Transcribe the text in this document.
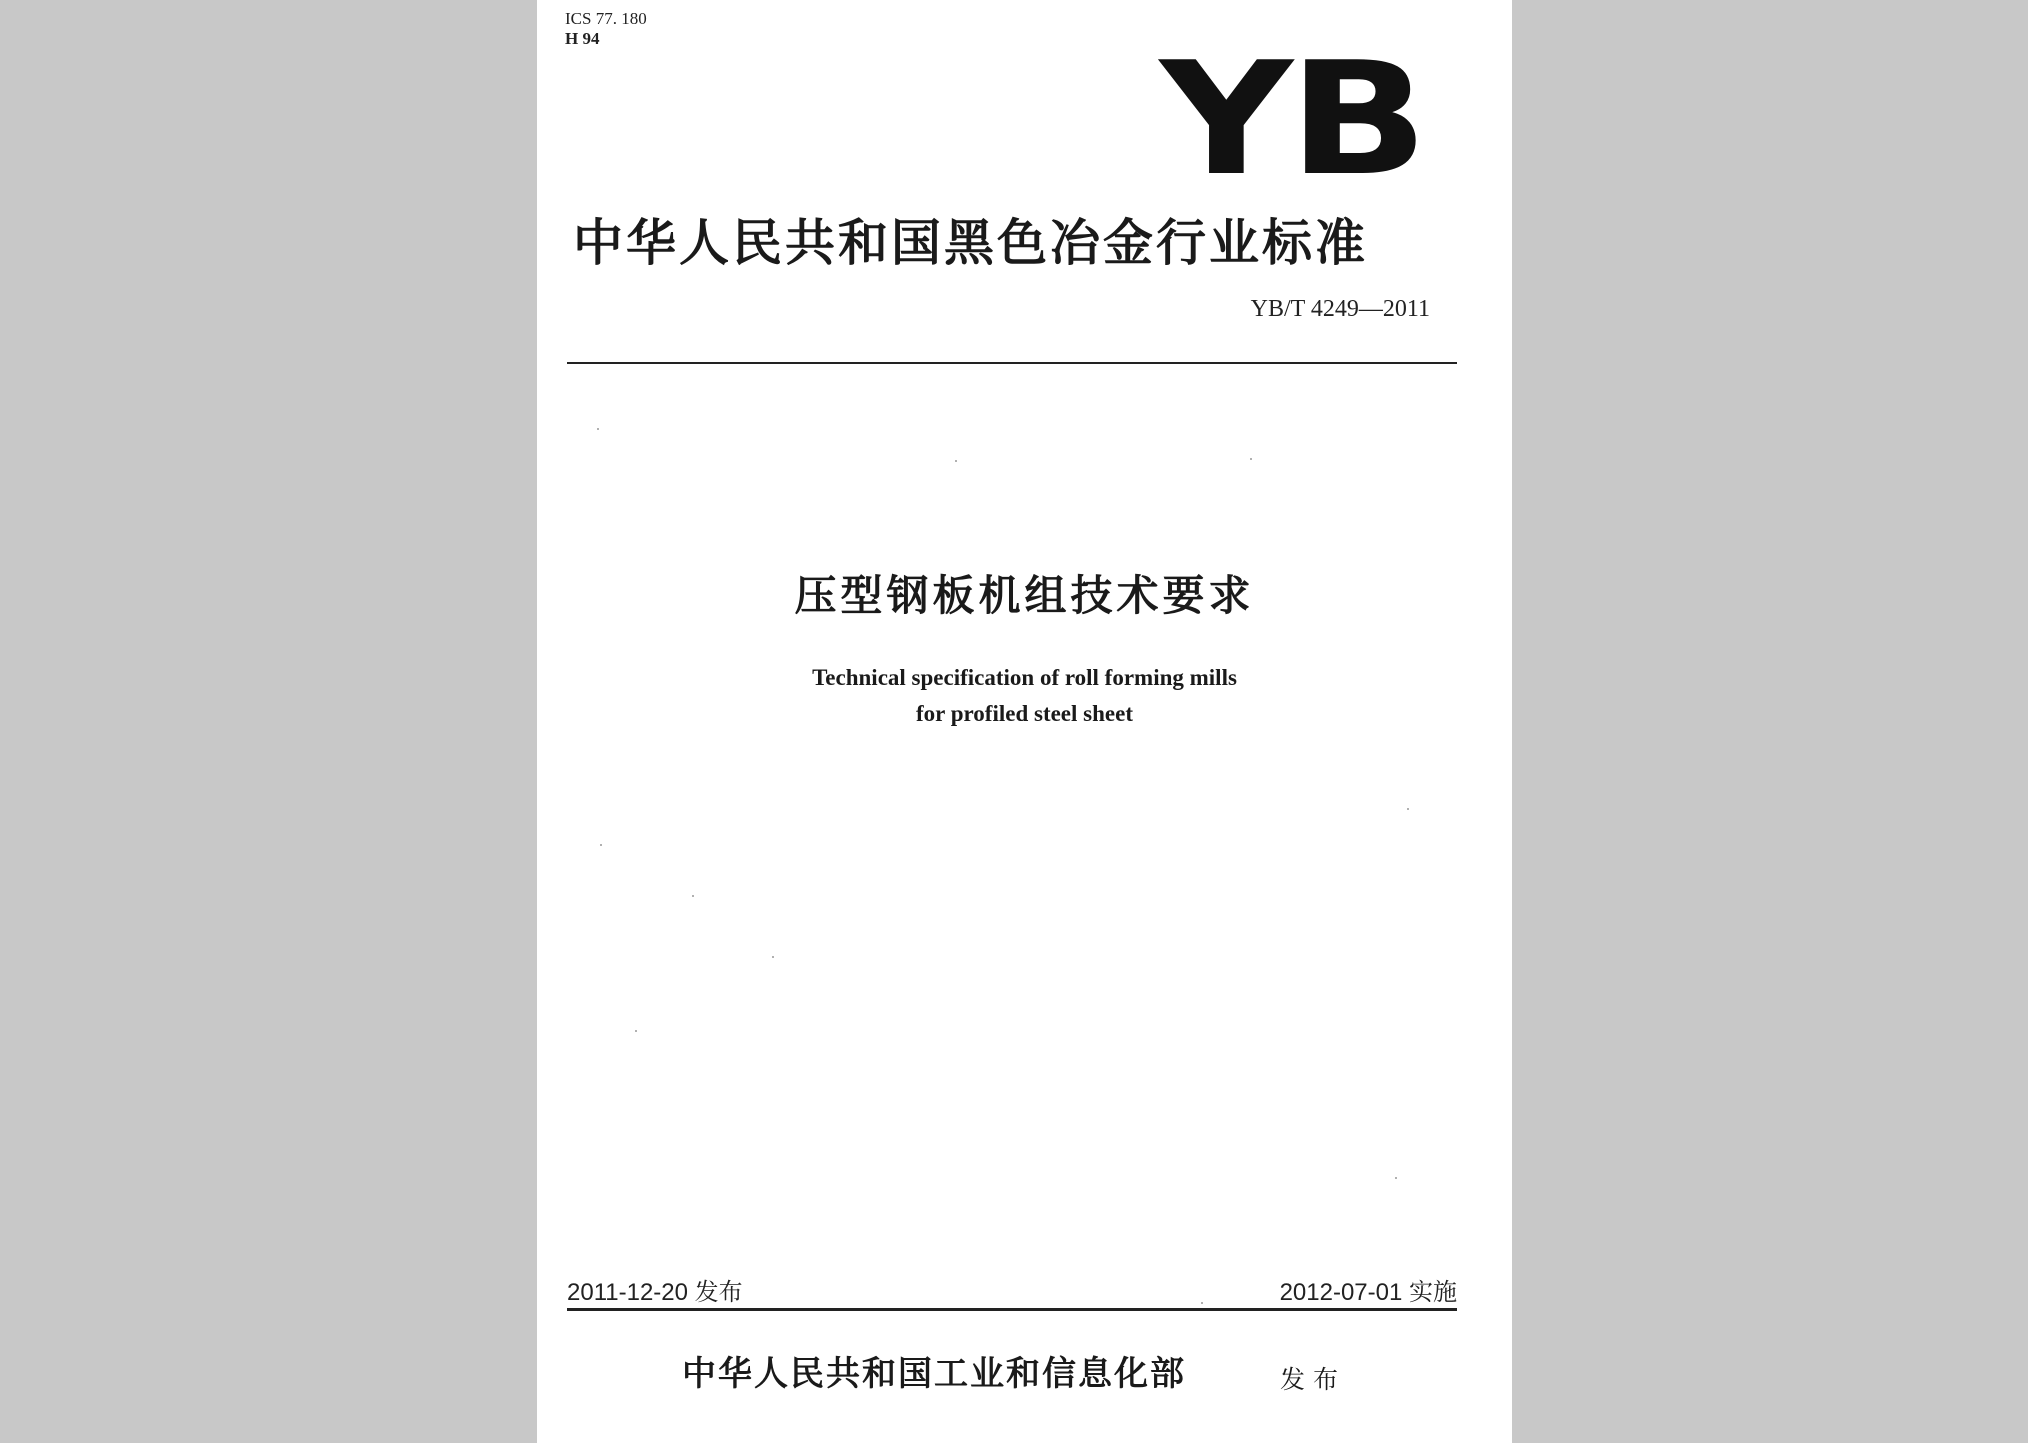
ICS 77. 180
H 94	YB
中华人民共和国黑色冶金行业标准
YB/T 4249—2011
压型钢板机组技术要求
Technical specification of roll forming mills
for profiled steel sheet
2011-12-20 发布	2012-07-01 实施
中华人民共和国工业和信息化部	发布
